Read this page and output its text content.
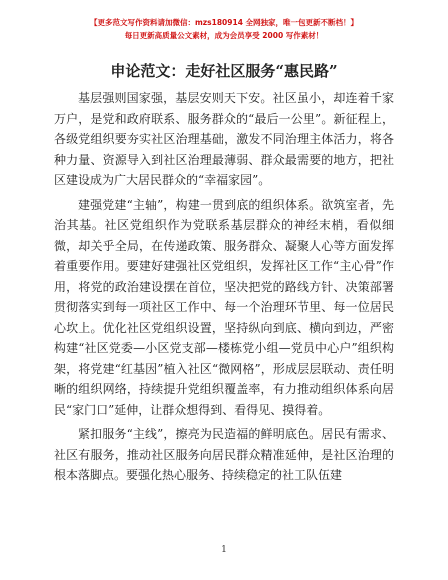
【更多范文写作资料请加微信：mzs180914 全网独家，唯一包更新不断档！】
每日更新高质量公文素材，成为会员享受 2000 写作素材！
申论范文：走好社区服务“惠民路”

基层强则国家强，基层安则天下安。社区虽小，却连着千家万户，是党和政府联系、服务群众的“最后一公里”。新征程上，各级党组织要夯实社区治理基础，激发不同治理主体活力，将各种力量、资源导入到社区治理最薄弱、群众最需要的地方，把社区建设成为广大居民群众的“幸福家园”。

建强党建“主轴”，构建一贯到底的组织体系。欲筑室者，先治其基。社区党组织作为党联系基层群众的神经末梢，看似细微，却关乎全局，在传递政策、服务群众、凝聚人心等方面发挥着重要作用。要建好建强社区党组织，发挥社区工作“主心骨”作用，将党的政治建设摆在首位，坚决把党的路线方针、决策部署贯彻落实到每一项社区工作中、每一个治理环节里、每一位居民心坎上。优化社区党组织设置，坚持纵向到底、横向到边，严密构建“社区党委—小区党支部—楼栋党小组—党员中心户”组织构架，将党建“红基因”植入社区“微网格”，形成层层联动、责任明晰的组织网络，持续提升党组织覆盖率，有力推动组织体系向居民“家门口”延伸，让群众想得到、看得见、摸得着。

紧扣服务“主线”，擦亮为民造福的鲜明底色。居民有需求、社区有服务，推动社区服务向居民群众精准延伸，是社区治理的根本落脚点。要强化热心服务、持续稳定的社工队伍建

1
